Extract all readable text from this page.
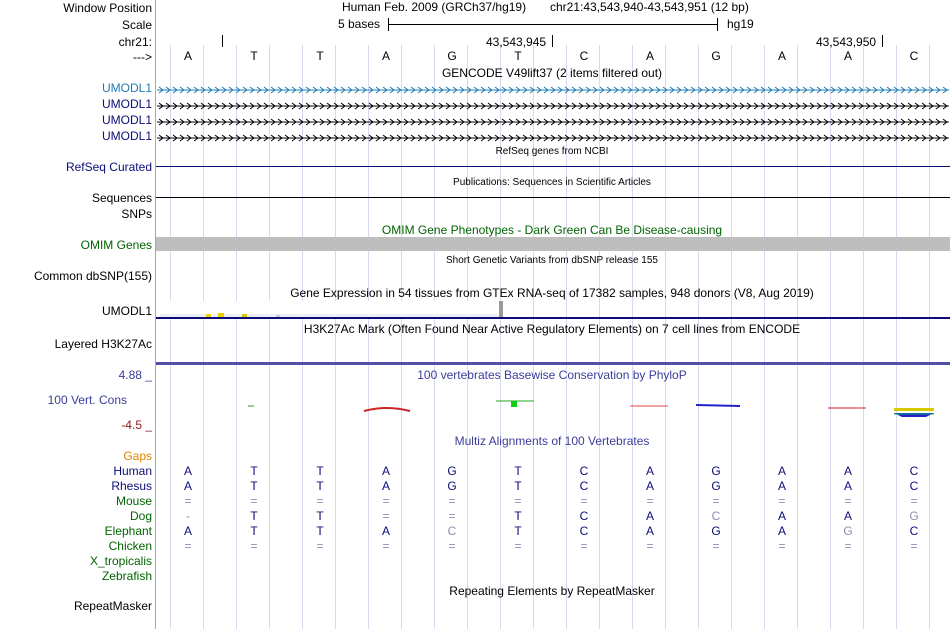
Window Position	Human Feb. 2009 (GRCh37/hg19) chr21:43,543,940-43,543,951 (12 bp)
Scale	5 bases	hg19
chr21:	43,543,945	43,543,950
--->	A	T	T	A	G	T	C	A	G	A	A	C
GENCODE V49lift37 (2 items filtered out)
UMODL1
UMODL1
UMODL1
UMODL1
RefSeq genes from NCBI
RefSeq Curated
Publications: Sequences in Scientific Articles
Sequences
SNPs
OMIM Gene Phenotypes - Dark Green Can Be Disease-causing
OMIM Genes
Short Genetic Variants from dbSNP release 155
Common dbSNP(155)
Gene Expression in 54 tissues from GTEx RNA-seq of 17382 samples, 948 donors (V8, Aug 2019)
UMODL1
H3K27Ac Mark (Often Found Near Active Regulatory Elements) on 7 cell lines from ENCODE
Layered H3K27Ac
100 vertebrates Basewise Conservation by PhyloP
4.88 _
100 Vert. Cons
-4.5 _
Multiz Alignments of 100 Vertebrates
Gaps
Human	A	T	T	A	G	T	C	A	G	A	A	C
Rhesus	A	T	T	A	G	T	C	A	G	A	A	C
Mouse	=	=	=	=	=	=	=	=	=	=	=	=
Dog	-	T	T	=	=	T	C	A	C	A	A	G
Elephant	A	T	T	A	C	T	C	A	G	A	G	C
Chicken	=	=	=	=	=	=	=	=	=	=	=	=
X_tropicalis
Zebrafish
Repeating Elements by RepeatMasker
RepeatMasker
